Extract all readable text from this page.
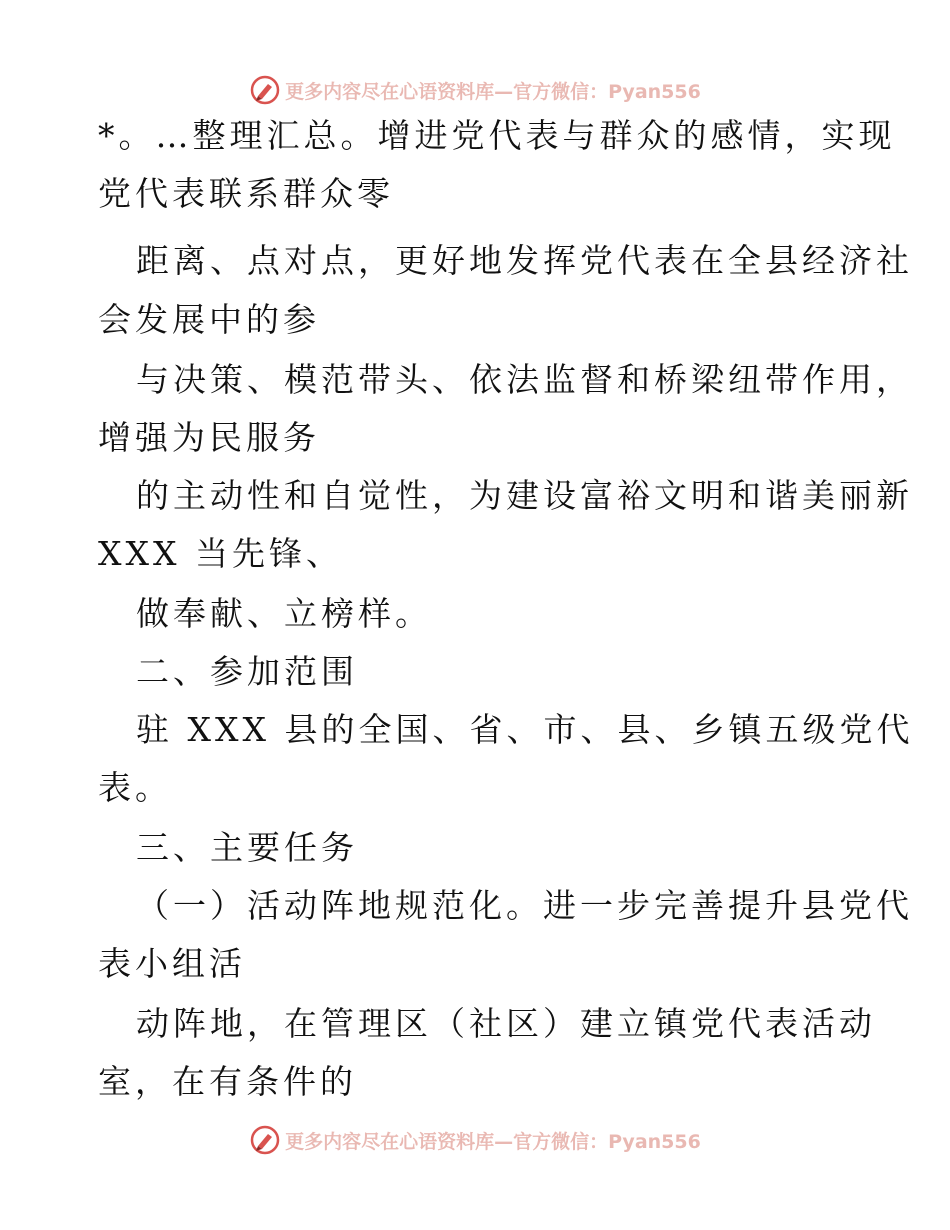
更多内容尽在心语资料库—官方微信：Pyan556
*。…整理汇总。增进党代表与群众的感情，实现
党代表联系群众零
距离、点对点，更好地发挥党代表在全县经济社
会发展中的参
与决策、模范带头、依法监督和桥梁纽带作用，
增强为民服务
的主动性和自觉性，为建设富裕文明和谐美丽新
XXX 当先锋、
做奉献、立榜样。
二、参加范围
驻 XXX 县的全国、省、市、县、乡镇五级党代
表。
三、主要任务
（一）活动阵地规范化。进一步完善提升县党代
表小组活
动阵地，在管理区（社区）建立镇党代表活动
室，在有条件的
更多内容尽在心语资料库—官方微信：Pyan556
